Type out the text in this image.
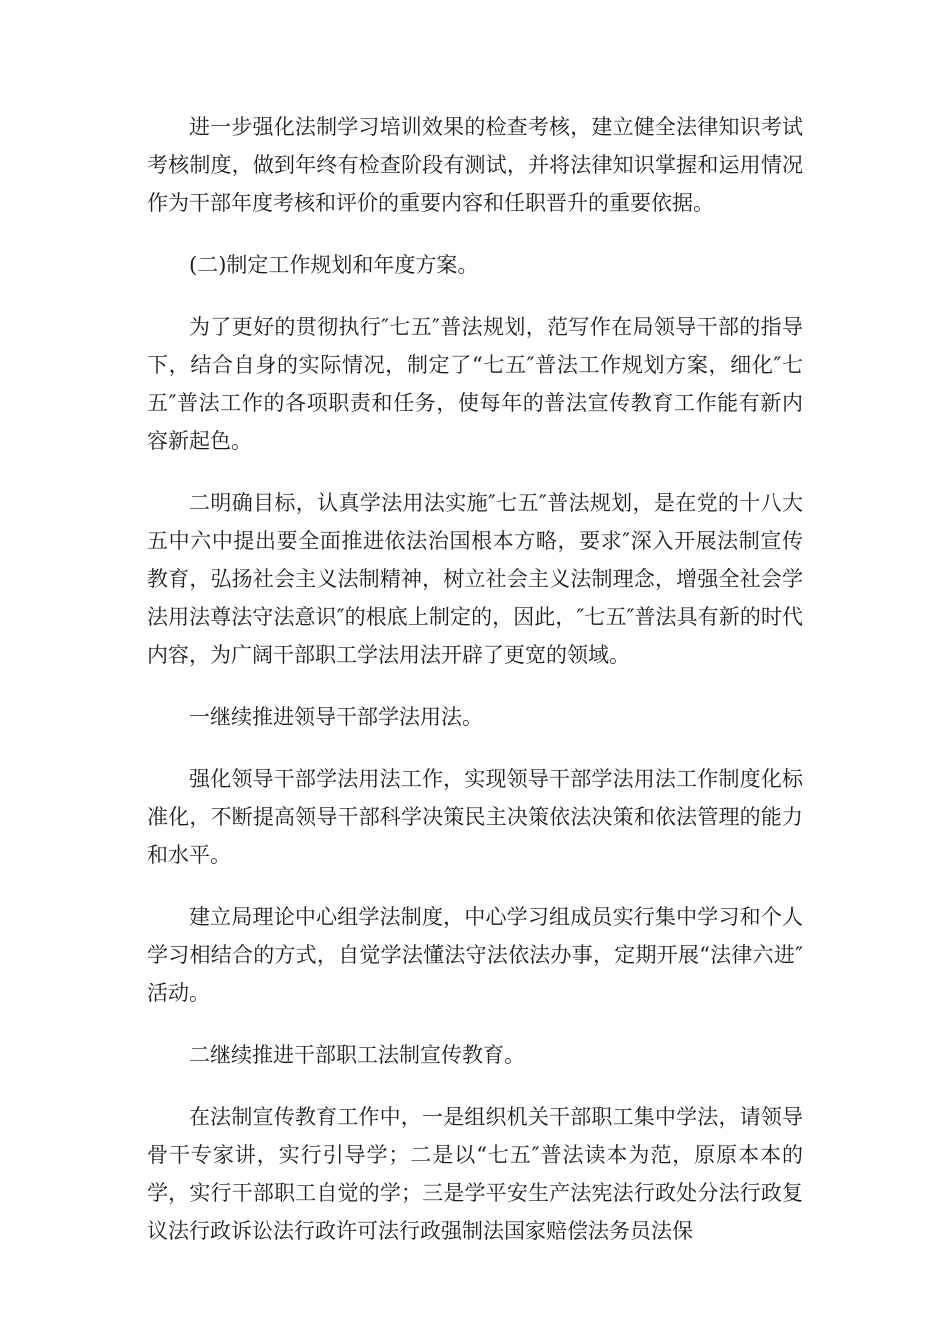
进一步强化法制学习培训效果的检查考核，建立健全法律知识考试考核制度，做到年终有检查阶段有测试，并将法律知识掌握和运用情况作为干部年度考核和评价的重要内容和任职晋升的重要依据。

(二)制定工作规划和年度方案。

为了更好的贯彻执行″七五″普法规划，范写作在局领导干部的指导下，结合自身的实际情况，制定了“七五″普法工作规划方案，细化″七五″普法工作的各项职责和任务，使每年的普法宣传教育工作能有新内容新起色。

二明确目标，认真学法用法实施″七五″普法规划，是在党的十八大五中六中提出要全面推进依法治国根本方略，要求″深入开展法制宣传教育，弘扬社会主义法制精神，树立社会主义法制理念，增强全社会学法用法尊法守法意识″的根底上制定的，因此，″七五″普法具有新的时代内容，为广阔干部职工学法用法开辟了更宽的领域。

一继续推进领导干部学法用法。

强化领导干部学法用法工作，实现领导干部学法用法工作制度化标准化，不断提高领导干部科学决策民主决策依法决策和依法管理的能力和水平。

建立局理论中心组学法制度，中心学习组成员实行集中学习和个人学习相结合的方式，自觉学法懂法守法依法办事，定期开展“法律六进″活动。

二继续推进干部职工法制宣传教育。

在法制宣传教育工作中，一是组织机关干部职工集中学法，请领导骨干专家讲，实行引导学；二是以“七五″普法读本为范，原原本本的学，实行干部职工自觉的学；三是学平安生产法宪法行政处分法行政复议法行政诉讼法行政许可法行政强制法国家赔偿法务员法保
